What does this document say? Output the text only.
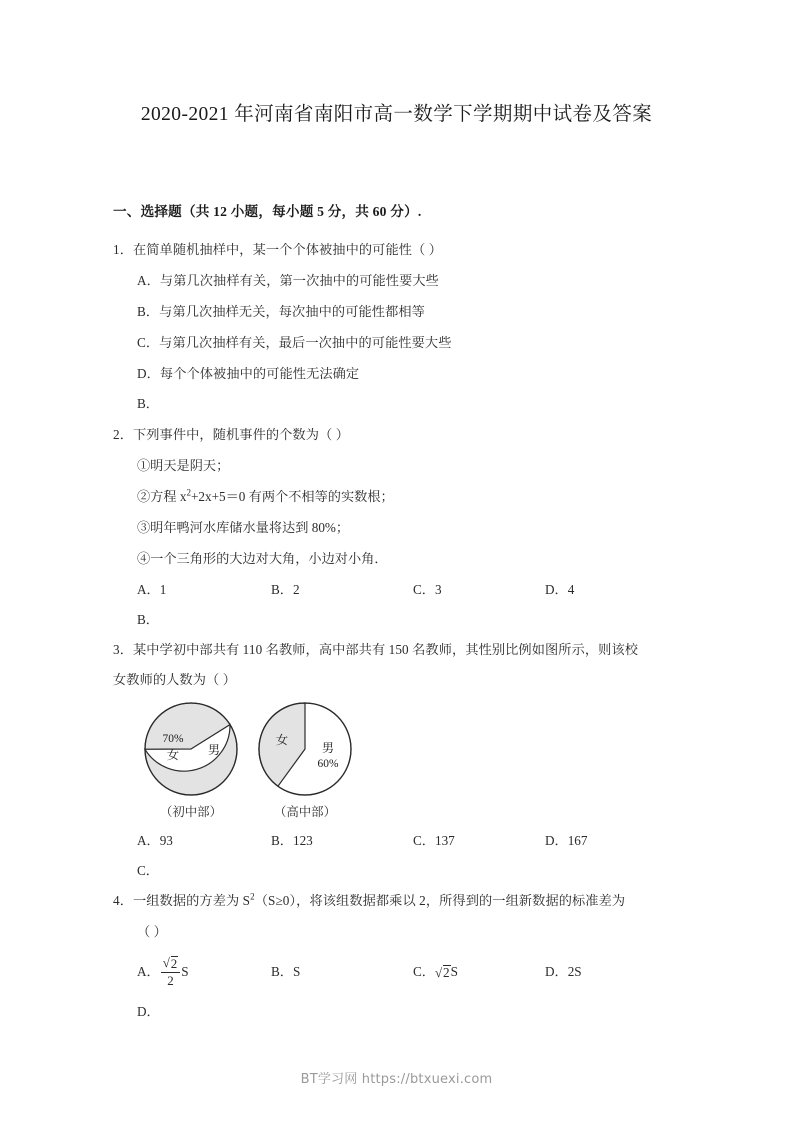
2020-2021 年河南省南阳市高一数学下学期期中试卷及答案

一、选择题（共 12 小题，每小题 5 分，共 60 分）.

1．在简单随机抽样中，某一个个体被抽中的可能性（ ）

A．与第几次抽样有关，第一次抽中的可能性要大些

B．与第几次抽样无关，每次抽中的可能性都相等

C．与第几次抽样有关，最后一次抽中的可能性要大些

D．每个个体被抽中的可能性无法确定

B．

2．下列事件中，随机事件的个数为（ ）

①明天是阴天；

②方程 $x^2+2x+5=0$ 有两个不相等的实数根；

③明年鸭河水库储水量将达到 80%；

④一个三角形的大边对大角，小边对小角．

A．1	B．2	C．3	D．4

B．

3．某中学初中部共有 110 名教师，高中部共有 150 名教师，其性别比例如图所示，则该校

女教师的人数为（ ）

70%
女	男
（初中部）
女
男
60%
（高中部）
A．93	B．123	C．137	D．167

C．

4．一组数据的方差为 $S^2(S\ge 0)$，将该组数据都乘以 2，所得到的一组新数据的标准差为

（ ）

A． $\frac{√ 2}{2}$ S	B．S	C． √ 2S	D．2S

D．

BT学习网 https://btxuexi.com
